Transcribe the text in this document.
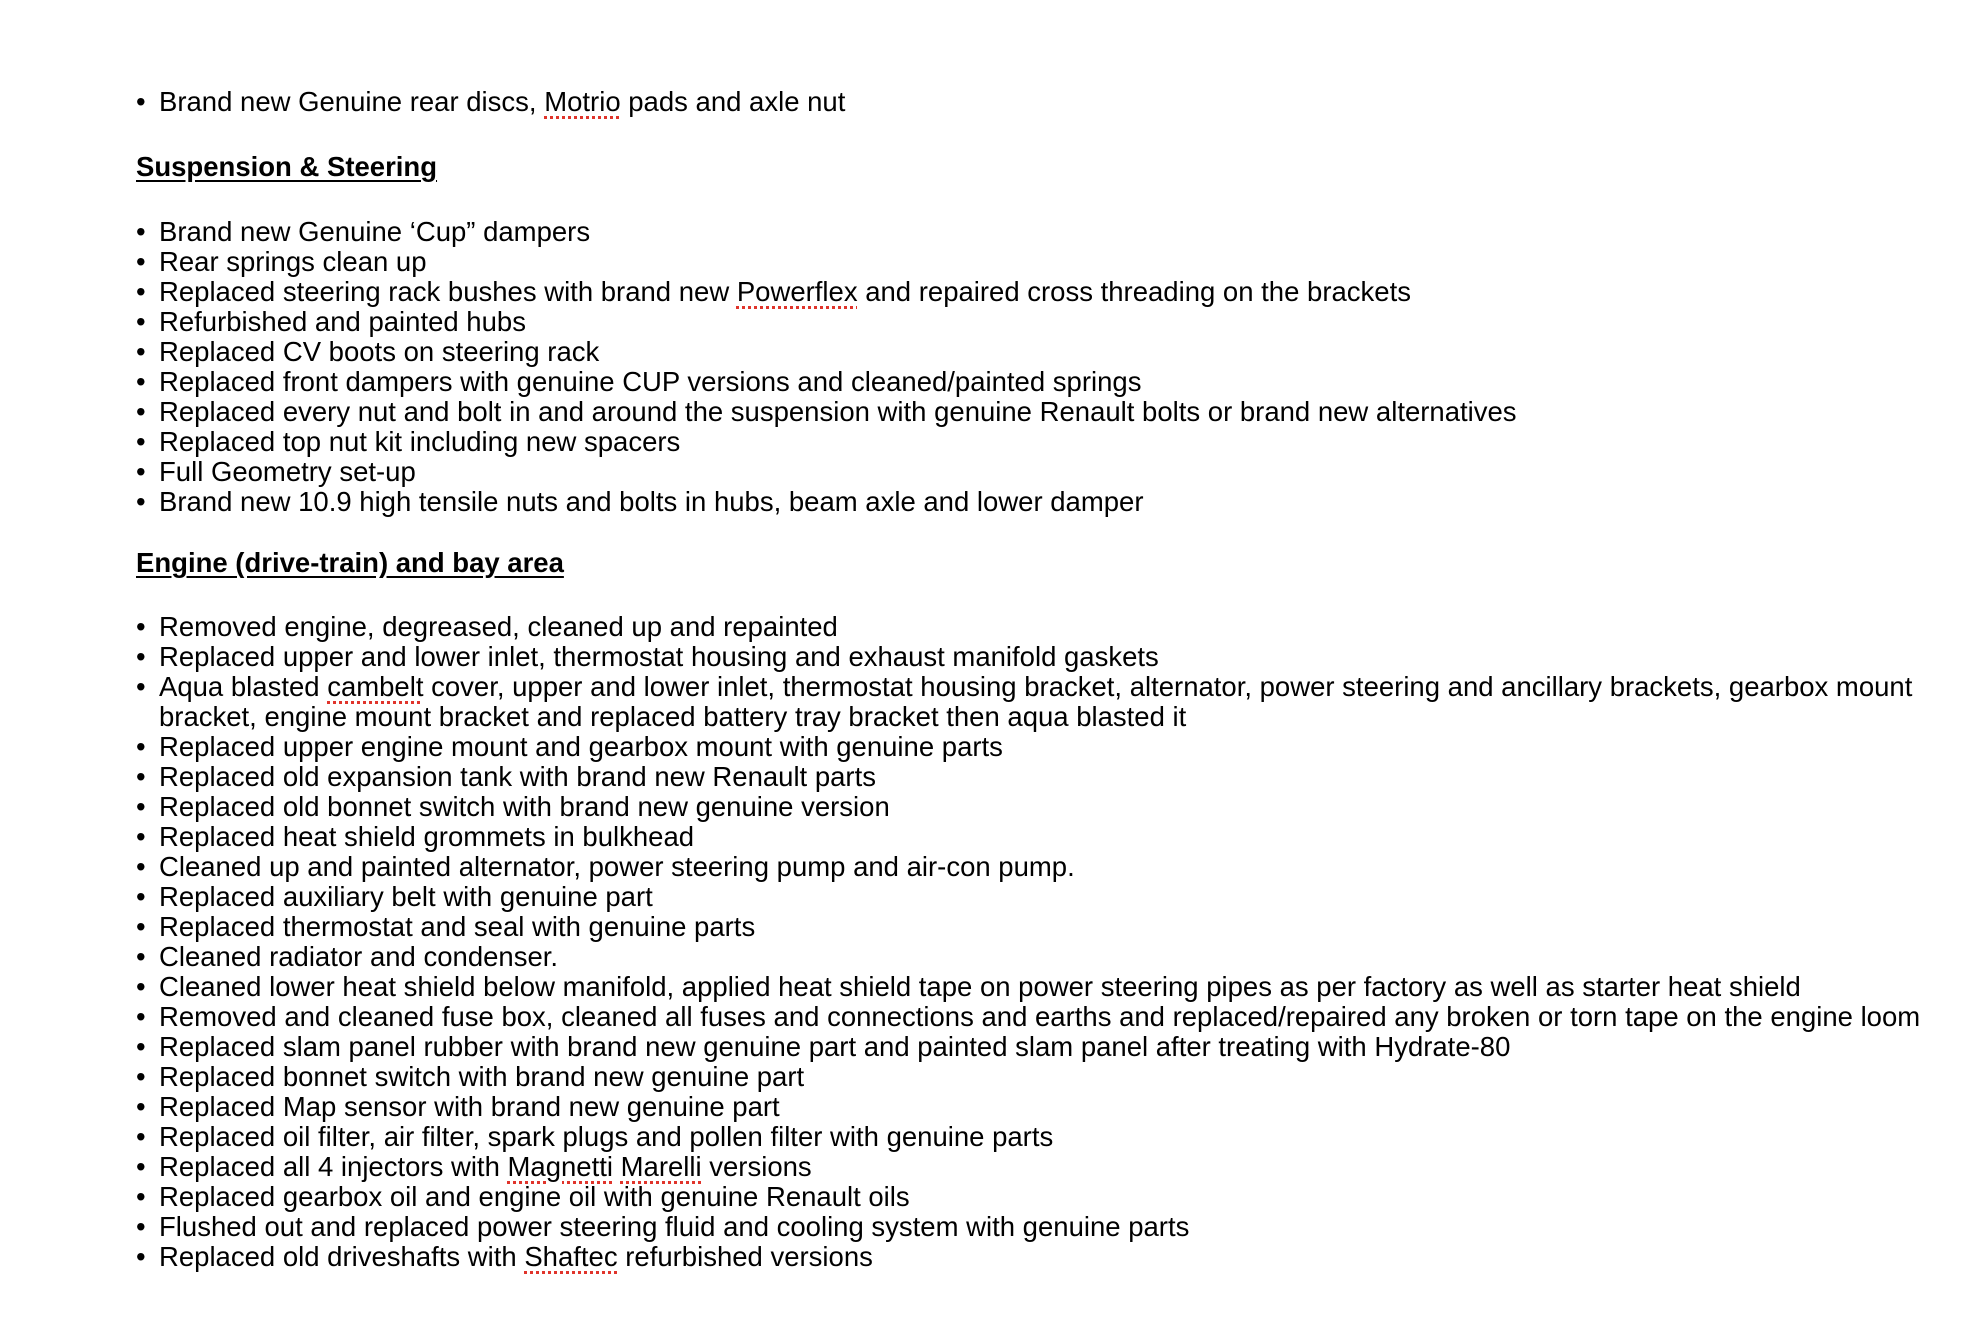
• Brand new Genuine rear discs, Motrio pads and axle nut
Suspension & Steering
• Brand new Genuine ‘Cup” dampers
• Rear springs clean up
• Replaced steering rack bushes with brand new Powerflex and repaired cross threading on the brackets
• Refurbished and painted hubs
• Replaced CV boots on steering rack
• Replaced front dampers with genuine CUP versions and cleaned/painted springs
• Replaced every nut and bolt in and around the suspension with genuine Renault bolts or brand new alternatives
• Replaced top nut kit including new spacers
• Full Geometry set-up
• Brand new 10.9 high tensile nuts and bolts in hubs, beam axle and lower damper
Engine (drive-train) and bay area
• Removed engine, degreased, cleaned up and repainted
• Replaced upper and lower inlet, thermostat housing and exhaust manifold gaskets
• Aqua blasted cambelt cover, upper and lower inlet, thermostat housing bracket, alternator, power steering and ancillary brackets, gearbox mount bracket, engine mount bracket and replaced battery tray bracket then aqua blasted it
• Replaced upper engine mount and gearbox mount with genuine parts
• Replaced old expansion tank with brand new Renault parts
• Replaced old bonnet switch with brand new genuine version
• Replaced heat shield grommets in bulkhead
• Cleaned up and painted alternator, power steering pump and air-con pump.
• Replaced auxiliary belt with genuine part
• Replaced thermostat and seal with genuine parts
• Cleaned radiator and condenser.
• Cleaned lower heat shield below manifold, applied heat shield tape on power steering pipes as per factory as well as starter heat shield
• Removed and cleaned fuse box, cleaned all fuses and connections and earths and replaced/repaired any broken or torn tape on the engine loom
• Replaced slam panel rubber with brand new genuine part and painted slam panel after treating with Hydrate-80
• Replaced bonnet switch with brand new genuine part
• Replaced Map sensor with brand new genuine part
• Replaced oil filter, air filter, spark plugs and pollen filter with genuine parts
• Replaced all 4 injectors with Magnetti Marelli versions
• Replaced gearbox oil and engine oil with genuine Renault oils
• Flushed out and replaced power steering fluid and cooling system with genuine parts
• Replaced old driveshafts with Shaftec refurbished versions
